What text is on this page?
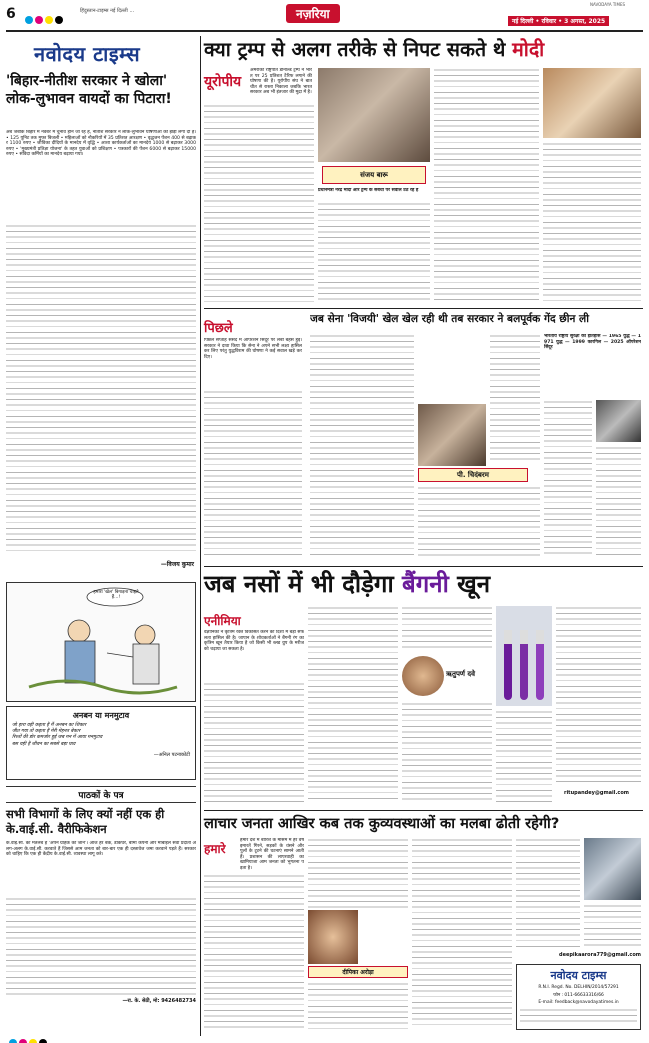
6	हिंदुस्तान-टाइम्स नई दिल्ली ...	नज़रिया
NAVODAYA TIMES
नई दिल्ली • रविवार • 3 अगस्त, 2025
नवोदय टाइम्स
'बिहार-नीतीश सरकार ने खोला' लोक-लुभावन वायदों का पिटारा!
अब जबकि बिहार में नवंबर में चुनाव होने जा रहे हैं, नीतीश सरकार ने लोक-लुभावन घोषणाओं की झड़ी लगा दी है। • 125 यूनिट तक मुफ्त बिजली • महिलाओं को नौकरियों में 35 प्रतिशत आरक्षण • वृद्धजन पेंशन 400 से बढ़ाकर 1100 रुपए • जीविका दीदियों के मानदेय में वृद्धि • आशा कार्यकर्ताओं का मानदेय 1000 से बढ़ाकर 3000 रुपए • 'मुख्यमंत्री प्रतिज्ञा योजना' के तहत युवाओं को प्रशिक्षण • पत्रकारों की पेंशन 6000 से बढ़ाकर 15000 रुपए • संविदा कर्मियों का मानदेय बढ़ाया गया।
—विजय कुमार
हमारा 'खेल' बिगाड़ना चाहते हैं...!
अनबन या मनमुटाव
जो हारा वही कहता है मैं अनबन का शिकार
जीत गया तो कहता है मेरी मेहनत बेकार
रिश्तों की डोर कमजोर हुई जब मन में आया मनमुटाव
बस यही है जीवन का सबसे बड़ा घाव
—अनिल पटनाकोटी
पाठकों के पत्र
सभी विभागों के लिए क्यों नहीं एक ही के.वाई.सी. वैरीफिकेशन
के.वाई.सी. का मतलब है 'अपने ग्राहक को जानें'। आज हर बैंक, डाकघर, बीमा कंपनी और मोबाइल सेवा प्रदाता अलग-अलग के.वाई.सी. करवाते हैं जिससे आम जनता को बार-बार एक ही दस्तावेज जमा करवाने पड़ते हैं। सरकार को चाहिए कि एक ही केंद्रीय के.वाई.सी. व्यवस्था लागू करे।
—रा. के. सेठी, मो: 9426482734
क्या ट्रम्प से अलग तरीके से निपट सकते थे मोदी
यूरोपीय
अमरीकी राष्ट्रपति डोनाल्ड ट्रम्प ने भारत पर 25 प्रतिशत टैरिफ लगाने की घोषणा की है। यूरोपीय संघ ने बातचीत से रास्ता निकाला जबकि भारत सरकार अब भी इंतजार की मुद्रा में है।
संजय बारू
प्रधानमंत्री नरेंद्र मोदी और ट्रम्प के संबंधों पर सवाल उठ रहे हैं
पिछले
पिछले सप्ताह संसद में ऑपरेशन सिंदूर पर लंबी बहस हुई। सरकार ने दावा किया कि सेना ने अपने सभी लक्ष्य हासिल कर लिए परंतु युद्धविराम की घोषणा ने कई सवाल खड़े कर दिए।
जब सेना 'विजयी' खेल खेल रही थी तब सरकार ने बलपूर्वक गेंद छीन ली
पी. चिदंबरम
भारतीय राष्ट्रीय सुरक्षा का इतिहास — 1965 युद्ध — 1971 युद्ध — 1999 कारगिल — 2025 ऑपरेशन सिंदूर
जब नसों में भी दौड़ेगा बैंगनी खून
एनीमिया
वैज्ञानिकों ने कृत्रिम रक्त विकसित करने की दिशा में बड़ी सफलता हासिल की है। जापान के शोधकर्ताओं ने बैंगनी रंग का कृत्रिम खून तैयार किया है जो किसी भी ब्लड ग्रुप के मरीज को चढ़ाया जा सकता है।
ऋतुपर्ण दवे
ritupandey@gmail.com
लाचार जनता आखिर कब तक कुव्यवस्थाओं का मलबा ढोती रहेगी?
हमारे
हमारे देश में बारिश के मौसम में हर वर्ष इमारतें गिरने, सड़कों के धंसने और पुलों के टूटने की घटनाएं सामने आती हैं। प्रशासन की लापरवाही का खामियाजा आम जनता को भुगतना पड़ता है।
दीपिका अरोड़ा
deepikaarora779@gmail.com
नवोदय टाइम्स
R.N.I. Regd. No. DELHIN/2014/57291
फोन : 011-66633316/66
E-mail: feedback@navodayatimes.in
